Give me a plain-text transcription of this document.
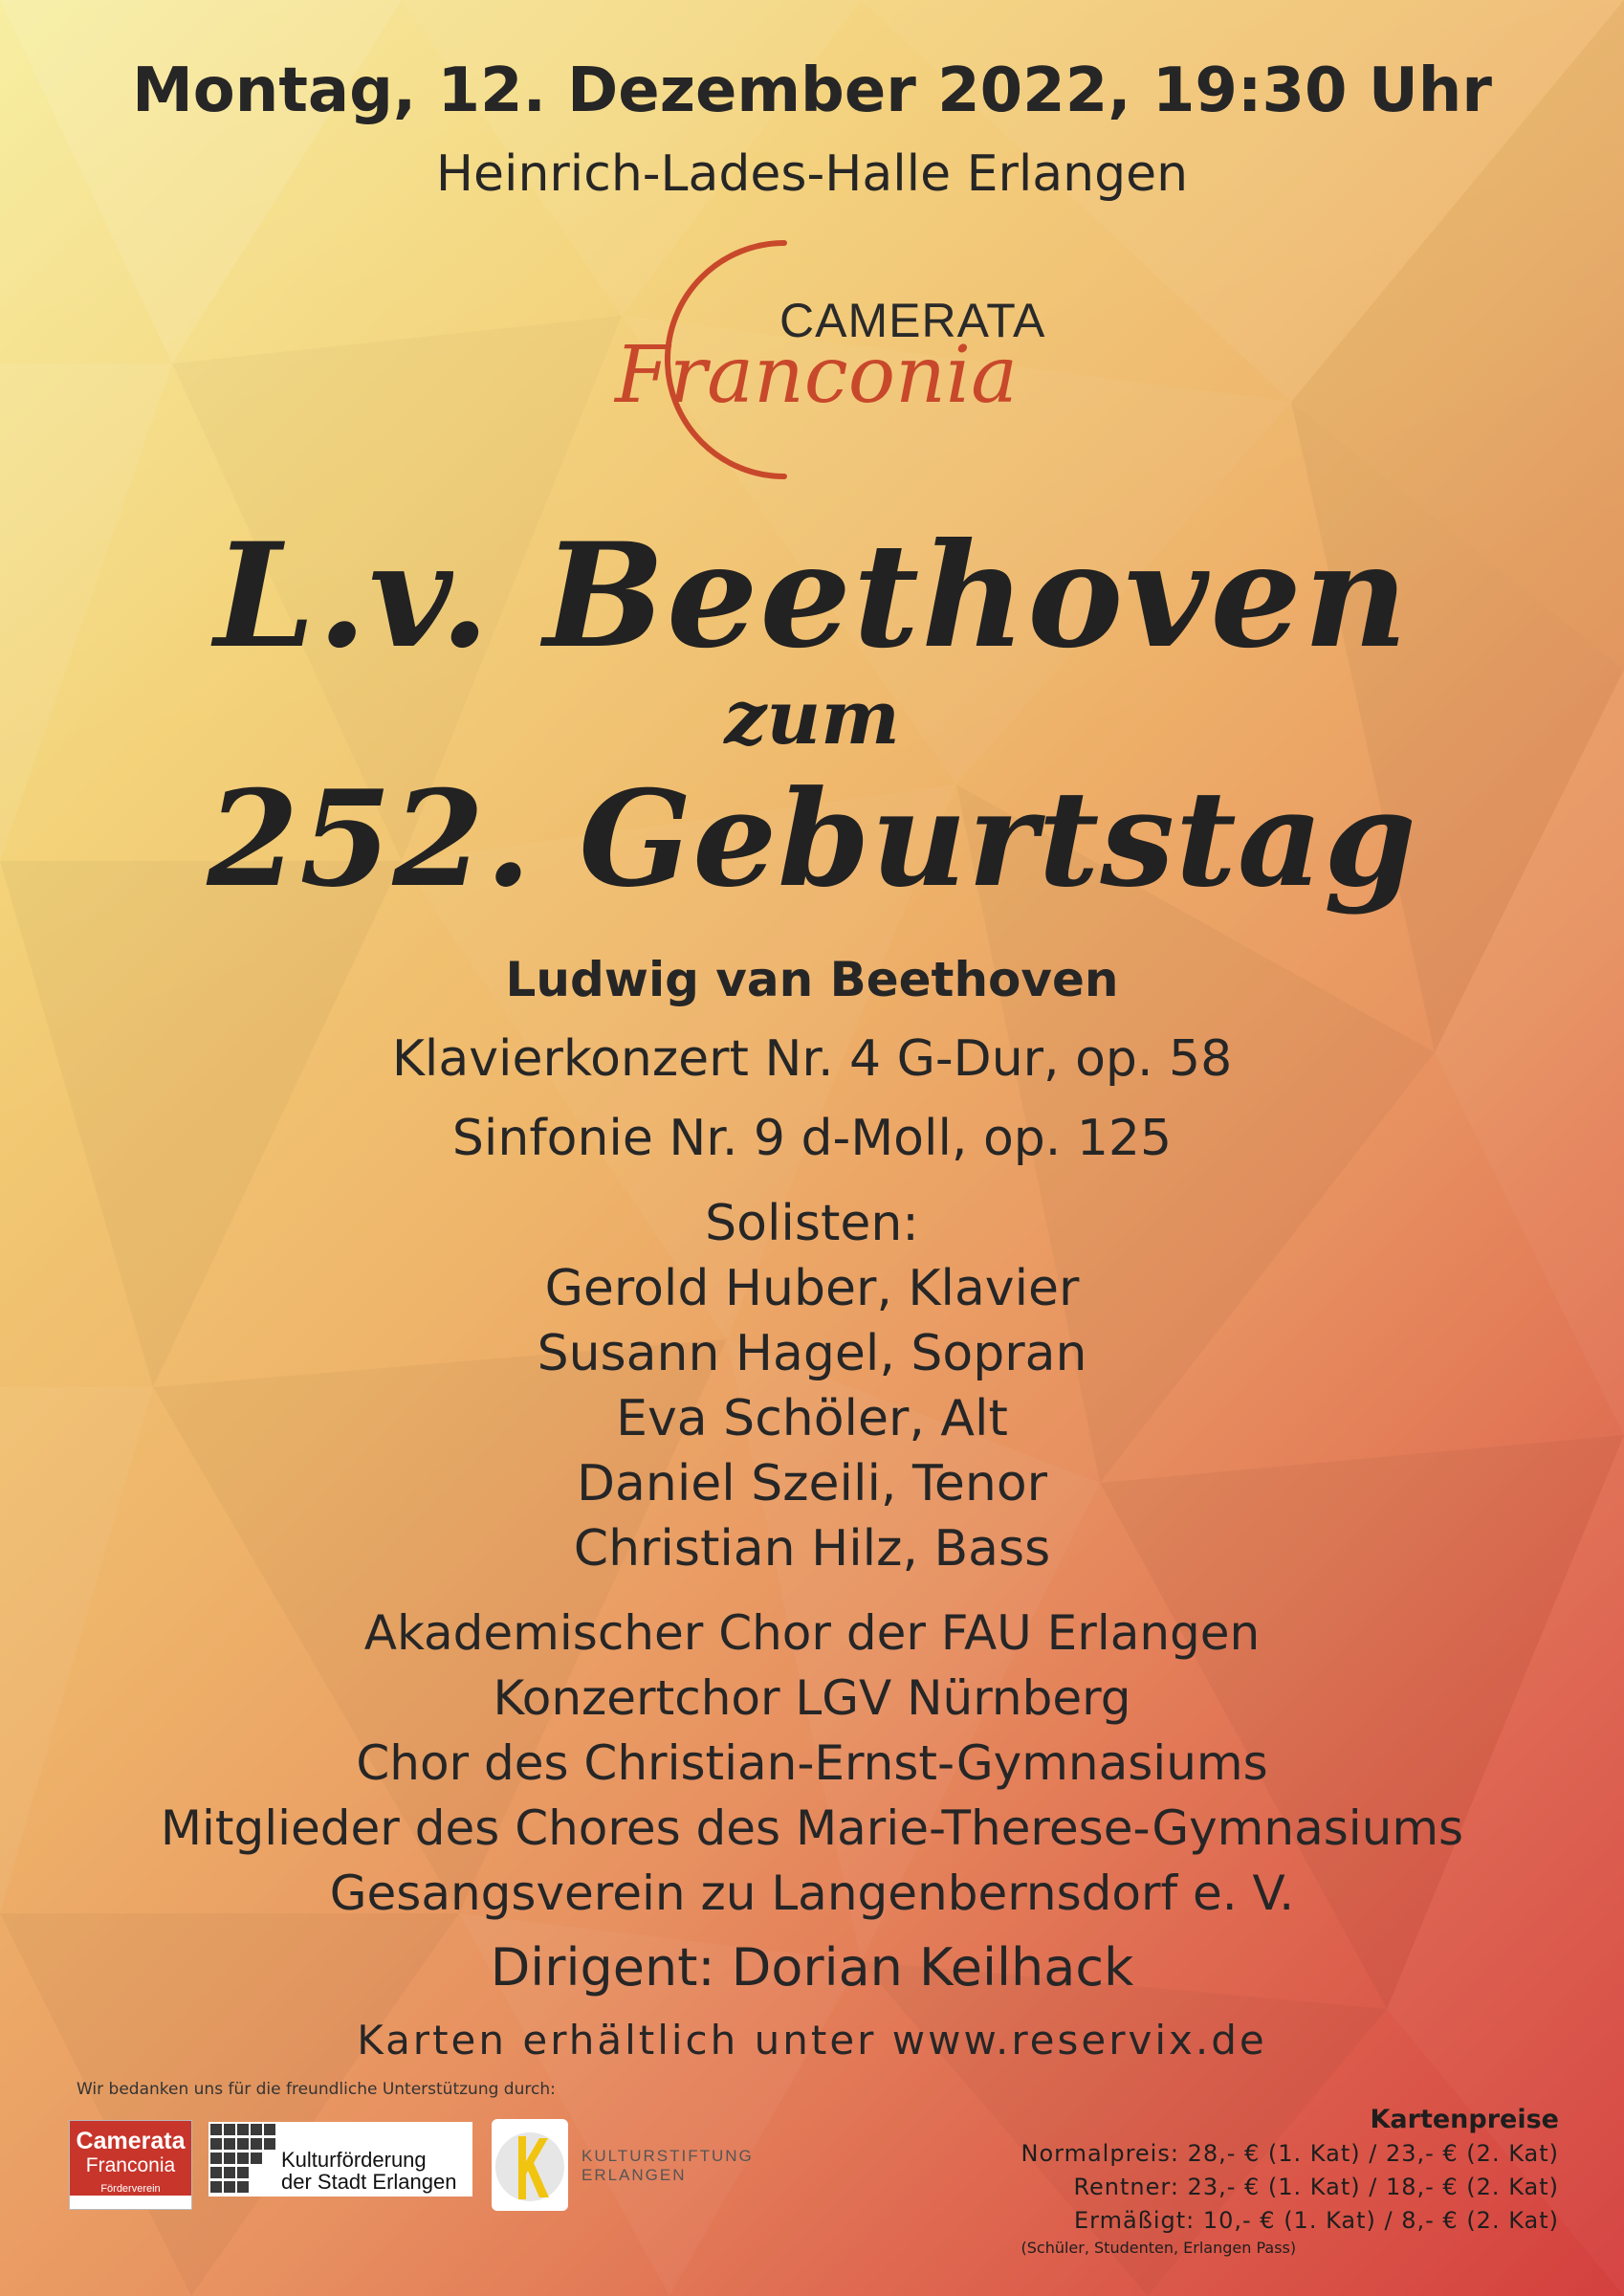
Montag, 12. Dezember 2022, 19:30 Uhr
Heinrich-Lades-Halle Erlangen
CAMERATA
Franconia
L.v. Beethoven
zum
252. Geburtstag
Ludwig van Beethoven
Klavierkonzert Nr. 4 G-Dur, op. 58
Sinfonie Nr. 9 d-Moll, op. 125
Solisten:
Gerold Huber, Klavier
Susann Hagel, Sopran
Eva Schöler, Alt
Daniel Szeili, Tenor
Christian Hilz, Bass
Akademischer Chor der FAU Erlangen
Konzertchor LGV Nürnberg
Chor des Christian-Ernst-Gymnasiums
Mitglieder des Chores des Marie-Therese-Gymnasiums
Gesangsverein zu Langenbernsdorf e. V.
Dirigent: Dorian Keilhack
Karten erhältlich unter www.reservix.de
Wir bedanken uns für die freundliche Unterstützung durch:
Camerata
Franconia
Förderverein
Kulturförderung
der Stadt Erlangen
KULTURSTIFTUNG
ERLANGEN
Kartenpreise
Normalpreis: 28,- € (1. Kat) / 23,- € (2. Kat)
Rentner: 23,- € (1. Kat) / 18,- € (2. Kat)
Ermäßigt: 10,- € (1. Kat) / 8,- € (2. Kat)
(Schüler, Studenten, Erlangen Pass)
